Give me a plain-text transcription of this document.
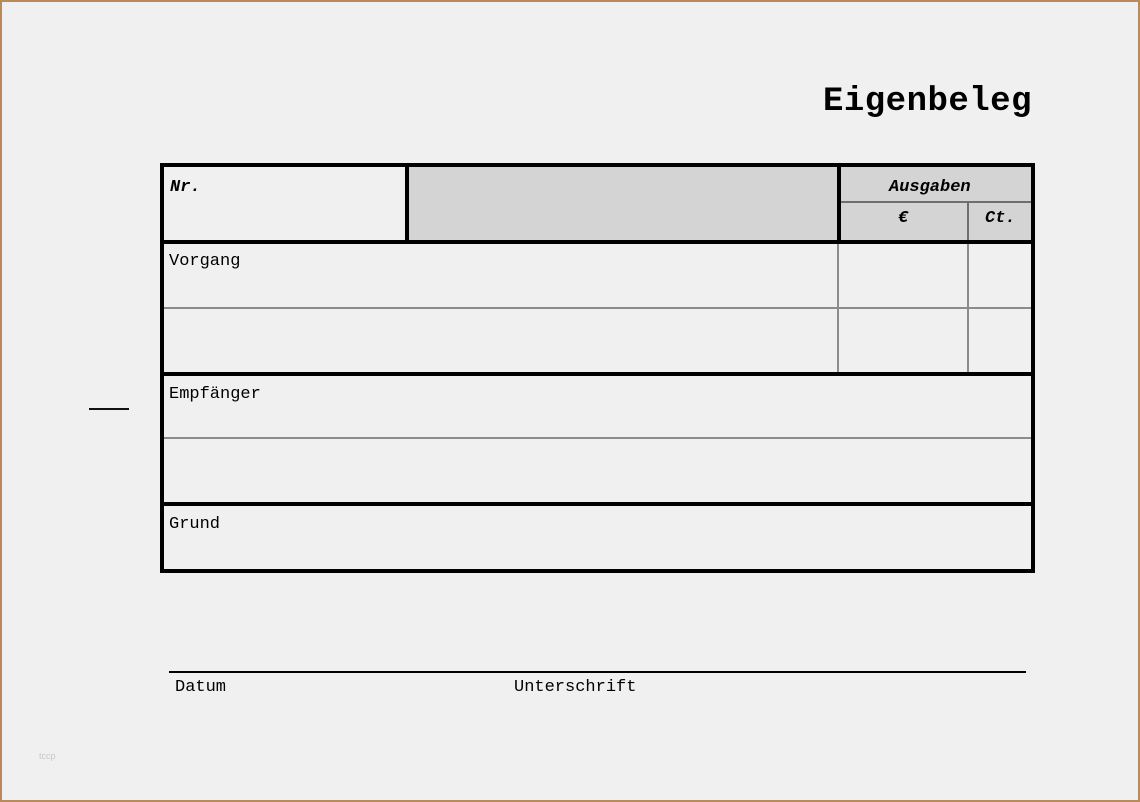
Eigenbeleg
Nr.	Ausgaben
€	Ct.
Vorgang
Empfänger
Grund
Datum	Unterschrift
tccp
